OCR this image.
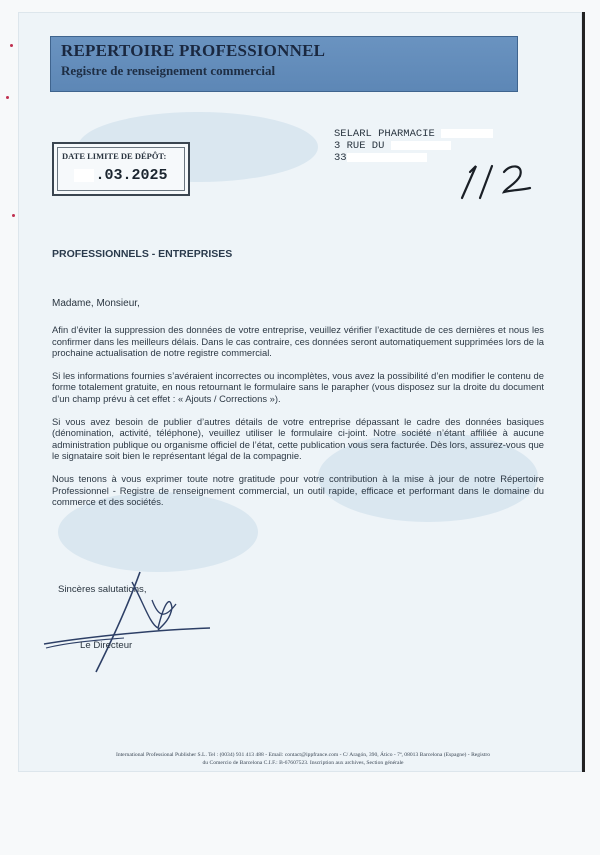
REPERTOIRE PROFESSIONNEL
Registre de renseignement commercial
DATE LIMITE DE DÉPÔT:
.03.2025
SELARL PHARMACIE
3 RUE DU
33
PROFESSIONNELS - ENTREPRISES
Madame, Monsieur,

Afin d’éviter la suppression des données de votre entreprise, veuillez vérifier l’exactitude de ces dernières et nous les confirmer dans les meilleurs délais. Dans le cas contraire, ces données seront automatiquement supprimées lors de la prochaine actualisation de notre registre commercial.

Si les informations fournies s’avéraient incorrectes ou incomplètes, vous avez la possibilité d’en modifier le contenu de forme totalement gratuite, en nous retournant le formulaire sans le parapher (vous disposez sur la droite du document d’un champ prévu à cet effet : « Ajouts / Corrections »).

Si vous avez besoin de publier d’autres détails de votre entreprise dépassant le cadre des données basiques (dénomination, activité, téléphone), veuillez utiliser le formulaire ci-joint. Notre société n’étant affiliée à aucune administration publique ou organisme officiel de l’état, cette publication vous sera facturée. Dès lors, assurez-vous que le signataire soit bien le représentant légal de la compagnie.

Nous tenons à vous exprimer toute notre gratitude pour votre contribution à la mise à jour de notre Répertoire Professionnel - Registre de renseignement commercial, un outil rapide, efficace et performant dans le domaine du commerce et des sociétés.

Sincères salutations,
Le Directeur
International Professional Publisher S.L. Tel : (0034) 931 413 488 - Email: contact@ippfrance.com - C/ Aragón, 390, Ático - 7ª, 08013 Barcelona (Espagne) - Registro
du Comercio de Barcelona C.I.F.: B-67607523. Inscription aux archives, Section générale
